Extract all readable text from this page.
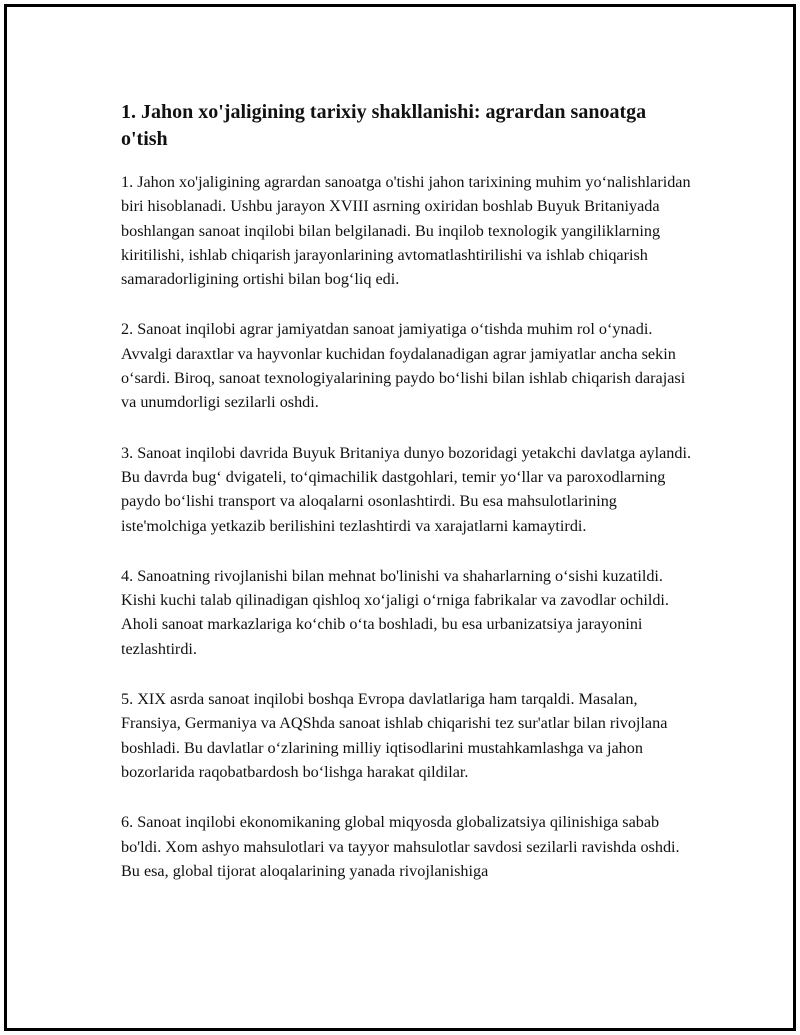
1. Jahon xo'jaligining tarixiy shakllanishi: agrardan sanoatga o'tish

1. Jahon xo'jaligining agrardan sanoatga o'tishi jahon tarixining muhim yo‘nalishlaridan biri hisoblanadi. Ushbu jarayon XVIII asrning oxiridan boshlab Buyuk Britaniyada boshlangan sanoat inqilobi bilan belgilanadi. Bu inqilob texnologik yangiliklarning kiritilishi, ishlab chiqarish jarayonlarining avtomatlashtirilishi va ishlab chiqarish samaradorligining ortishi bilan bog‘liq edi.

2. Sanoat inqilobi agrar jamiyatdan sanoat jamiyatiga o‘tishda muhim rol o‘ynadi. Avvalgi daraxtlar va hayvonlar kuchidan foydalanadigan agrar jamiyatlar ancha sekin o‘sardi. Biroq, sanoat texnologiyalarining paydo bo‘lishi bilan ishlab chiqarish darajasi va unumdorligi sezilarli oshdi.

3. Sanoat inqilobi davrida Buyuk Britaniya dunyo bozoridagi yetakchi davlatga aylandi. Bu davrda bug‘ dvigateli, to‘qimachilik dastgohlari, temir yo‘llar va paroxodlarning paydo bo‘lishi transport va aloqalarni osonlashtirdi. Bu esa mahsulotlarining iste'molchiga yetkazib berilishini tezlashtirdi va xarajatlarni kamaytirdi.

4. Sanoatning rivojlanishi bilan mehnat bo'linishi va shaharlarning o‘sishi kuzatildi. Kishi kuchi talab qilinadigan qishloq xo‘jaligi o‘rniga fabrikalar va zavodlar ochildi. Aholi sanoat markazlariga ko‘chib o‘ta boshladi, bu esa urbanizatsiya jarayonini tezlashtirdi.

5. XIX asrda sanoat inqilobi boshqa Evropa davlatlariga ham tarqaldi. Masalan, Fransiya, Germaniya va AQShda sanoat ishlab chiqarishi tez sur'atlar bilan rivojlana boshladi. Bu davlatlar o‘zlarining milliy iqtisodlarini mustahkamlashga va jahon bozorlarida raqobatbardosh bo‘lishga harakat qildilar.

6. Sanoat inqilobi ekonomikaning global miqyosda globalizatsiya qilinishiga sabab bo'ldi. Xom ashyo mahsulotlari va tayyor mahsulotlar savdosi sezilarli ravishda oshdi. Bu esa, global tijorat aloqalarining yanada rivojlanishiga
